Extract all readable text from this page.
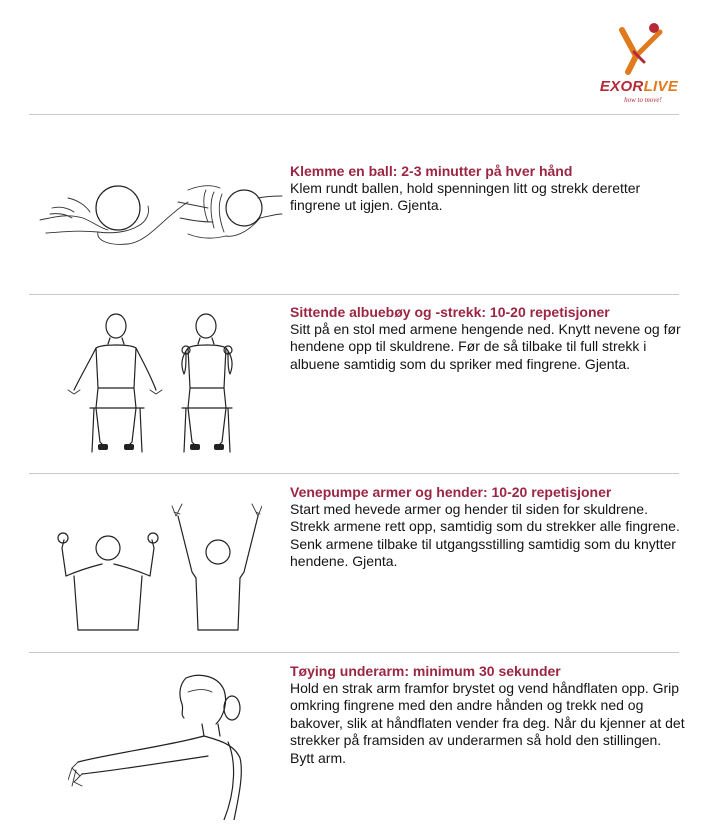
EXORLIVE
how to move!
Klemme en ball: 2-3 minutter på hver hånd

Klem rundt ballen, hold spenningen litt og strekk deretter fingrene ut igjen. Gjenta.

Sittende albuebøy og -strekk: 10-20 repetisjoner

Sitt på en stol med armene hengende ned. Knytt nevene og før hendene opp til skuldrene. Før de så tilbake til full strekk i albuene samtidig som du spriker med fingrene. Gjenta.

Venepumpe armer og hender: 10-20 repetisjoner

Start med hevede armer og hender til siden for skuldrene. Strekk armene rett opp, samtidig som du strekker alle fingrene. Senk armene tilbake til utgangsstilling samtidig som du knytter hendene. Gjenta.

Tøying underarm: minimum 30 sekunder

Hold en strak arm framfor brystet og vend håndflaten opp. Grip omkring fingrene med den andre hånden og trekk ned og bakover, slik at håndflaten vender fra deg. Når du kjenner at det strekker på framsiden av underarmen så hold den stillingen. Bytt arm.
